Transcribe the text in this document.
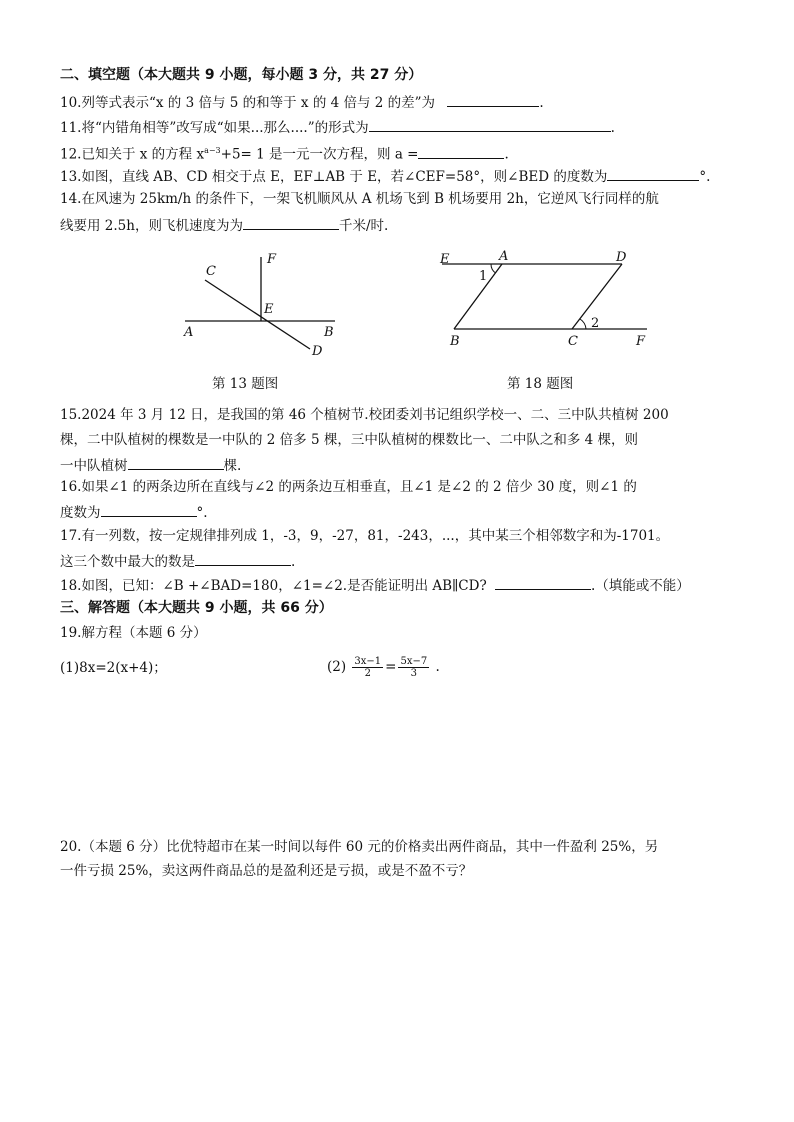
二、填空题（本大题共 9 小题，每小题 3 分，共 27 分）
10.列等式表示“x 的 3 倍与 5 的和等于 x 的 4 倍与 2 的差”为	.
11.将“内错角相等”改写成“如果...那么....”的形式为	.
12.已知关于 x 的方程 $x^{a-3}+5= 1$ 是一元一次方程，则 a =	.
13.如图，直线 AB、CD 相交于点 E，EF⊥AB 于 E，若∠CEF=58°，则∠BED 的度数为	°.
14.在风速为 25km/h 的条件下，一架飞机顺风从 A 机场飞到 B 机场要用 2h，它逆风飞行同样的航
线要用 2.5h，则飞机速度为为	千米/时.
C
F
E
A	B
D
第 13 题图
E	A	D
1
B	C
2
F
第 18 题图
15.2024 年 3 月 12 日，是我国的第 46 个植树节.校团委刘书记组织学校一、二、三中队共植树 200
棵，二中队植树的棵数是一中队的 2 倍多 5 棵，三中队植树的棵数比一、二中队之和多 4 棵，则
一中队植树	棵.
16.如果∠1 的两条边所在直线与∠2 的两条边互相垂直，且∠1 是∠2 的 2 倍少 30 度，则∠1 的
度数为	°.
17.有一列数，按一定规律排列成 1，-3，9，-27，81，-243，...，其中某三个相邻数字和为-1701。
这三个数中最大的数是	.
18.如图，已知：∠B +∠BAD=180，∠1=∠2.是否能证明出 AB∥CD?	.（填能或不能）
三、解答题（本大题共 9 小题，共 66 分）
19.解方程（本题 6 分）
(1)8x=2(x+4)；	$(2) \frac{3x-1}{2} = \frac{5x-7}{3}$ .
20.（本题 6 分）比优特超市在某一时间以每件 60 元的价格卖出两件商品，其中一件盈利 25%，另
一件亏损 25%，卖这两件商品总的是盈利还是亏损，或是不盈不亏？
